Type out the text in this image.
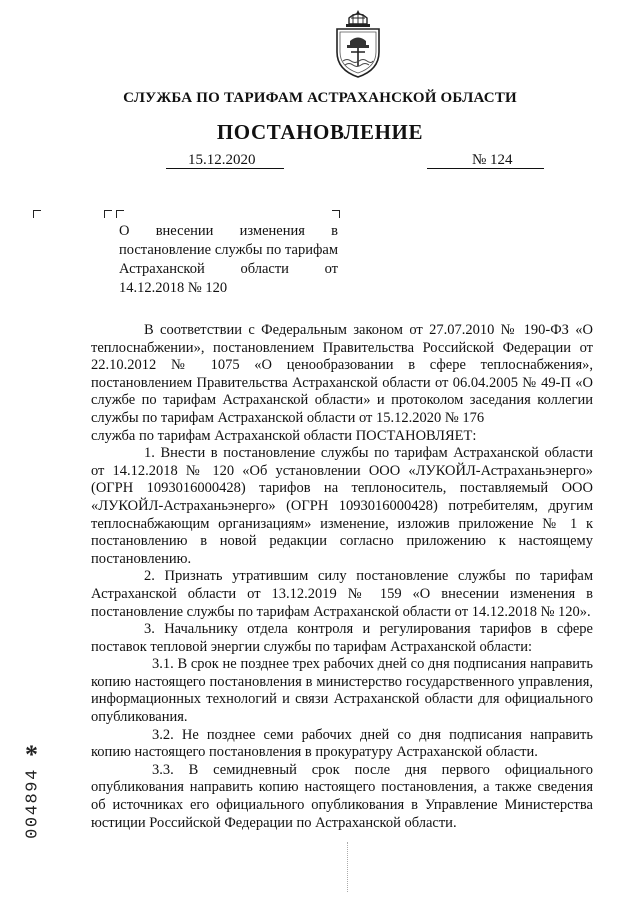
СЛУЖБА ПО ТАРИФАМ АСТРАХАНСКОЙ ОБЛАСТИ
ПОСТАНОВЛЕНИЕ
15.12.2020	№ 124
О внесении изменения в постановление службы по тарифам Астраханской области от 14.12.2018 № 120

В соответствии с Федеральным законом от 27.07.2010 № 190-ФЗ «О теплоснабжении», постановлением Правительства Российской Федерации от 22.10.2012 № 1075 «О ценообразовании в сфере теплоснабжения», постановлением Правительства Астраханской области от 06.04.2005 № 49-П «О службе по тарифам Астраханской области» и протоколом заседания коллегии службы по тарифам Астраханской области от 15.12.2020 № 176

служба по тарифам Астраханской области ПОСТАНОВЛЯЕТ:

1. Внести в постановление службы по тарифам Астраханской области от 14.12.2018 № 120 «Об установлении ООО «ЛУКОЙЛ-Астраханьэнерго» (ОГРН 1093016000428) тарифов на теплоноситель, поставляемый ООО «ЛУКОЙЛ-Астраханьэнерго» (ОГРН 1093016000428) потребителям, другим теплоснабжающим организациям» изменение, изложив приложение № 1 к постановлению в новой редакции согласно приложению к настоящему постановлению.

2. Признать утратившим силу постановление службы по тарифам Астраханской области от 13.12.2019 № 159 «О внесении изменения в постановление службы по тарифам Астраханской области от 14.12.2018 № 120».

3. Начальнику отдела контроля и регулирования тарифов в сфере поставок тепловой энергии службы по тарифам Астраханской области:

3.1. В срок не позднее трех рабочих дней со дня подписания направить копию настоящего постановления в министерство государственного управления, информационных технологий и связи Астраханской области для официального опубликования.

3.2. Не позднее семи рабочих дней со дня подписания направить копию настоящего постановления в прокуратуру Астраханской области.

3.3. В семидневный срок после дня первого официального опубликования направить копию настоящего постановления, а также сведения об источниках его официального опубликования в Управление Министерства юстиции Российской Федерации по Астраханской области.

*
004894
